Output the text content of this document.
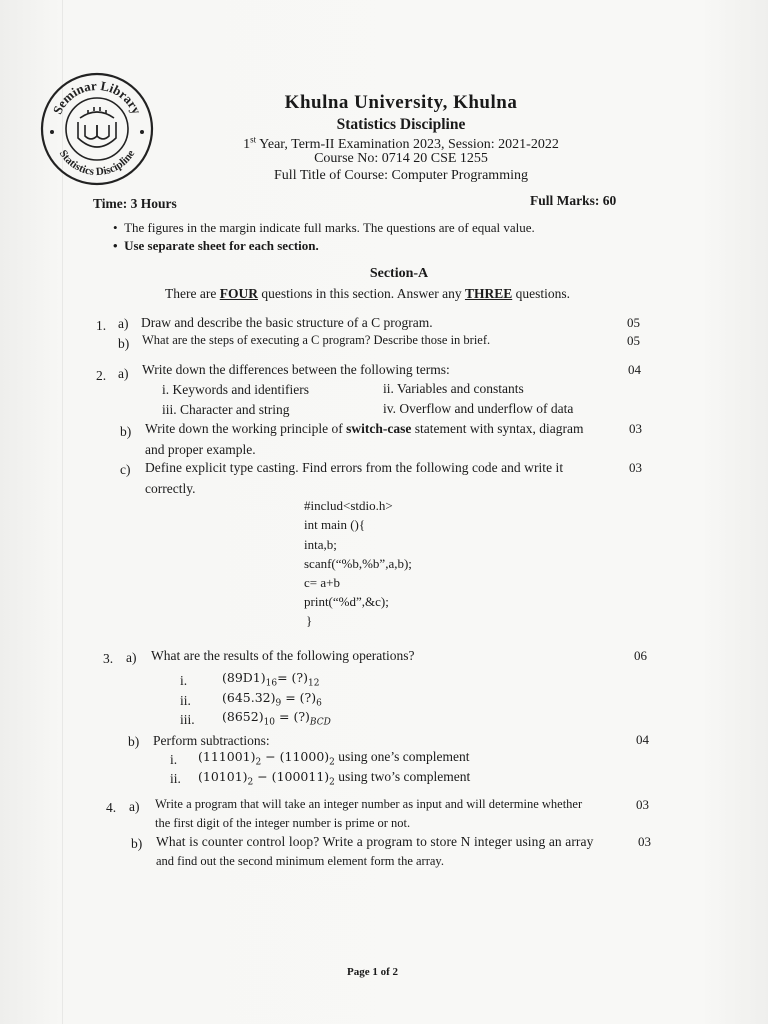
Seminar Library
Statistics Discipline
Khulna University, Khulna
Statistics Discipline
1st Year, Term-II Examination 2023, Session: 2021-2022
Course No: 0714 20 CSE 1255
Full Title of Course: Computer Programming
Time: 3 Hours	Full Marks: 60
•  The figures in the margin indicate full marks. The questions are of equal value.
•  Use separate sheet for each section.
Section-A
There are FOUR questions in this section. Answer any THREE questions.
1. a) Draw and describe the basic structure of a C program.	05
b) What are the steps of executing a C program? Describe those in brief.	05
2. a) Write down the differences between the following terms:	04
i. Keywords and identifiers	ii. Variables and constants
iii. Character and string	iv. Overflow and underflow of data
b) Write down the working principle of switch-case statement with syntax, diagram	03
and proper example.
c) Define explicit type casting. Find errors from the following code and write it	03
correctly.
#includ<stdio.h>
int main (){
inta,b;
scanf(“%b,%b”,a,b);
c= a+b
print(“%d”,&c);
}
3. a) What are the results of the following operations?	06
i.	$(89D1)_{16}=$ $(?)_{12}$
ii. $(645.32)_9$ = $(?)_6$
iii. $(8652)_{10}$ = $(?)_{BCD}$
b) Perform subtractions:	04
i. $(111001)_2 - (11000)_2$ using one’s complement
ii. $(10101)_2 - (100011)_2$ using two’s complement
4. a) Write a program that will take an integer number as input and will determine whether	03
the first digit of the integer number is prime or not.
b) What is counter control loop? Write a program to store N integer using an array	03
and find out the second minimum element form the array.
Page 1 of 2
